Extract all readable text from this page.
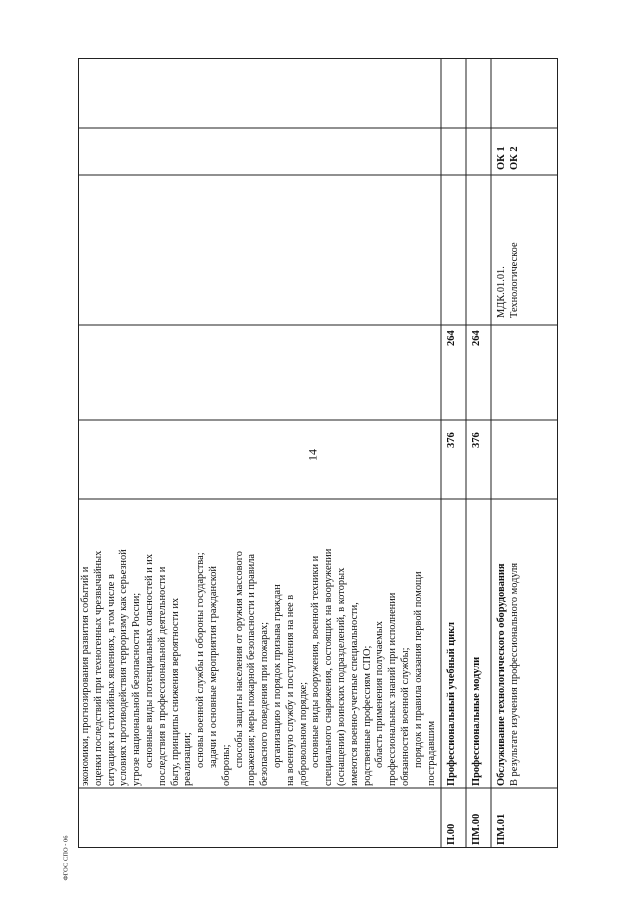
14
ФГОС СПО - 06

экономики, прогнозирования развития событий и оценки последствий при техногенных чрезвычайных ситуациях и стихийных явлениях, в том числе в условиях противодействия терроризму как серьезной угрозе национальной безопасности России; основные виды потенциальных опасностей и их последствия в профессиональной деятельности и быту, принципы снижения вероятности их реализации; основы военной службы и обороны государства; задачи и основные мероприятия гражданской обороны; способы защиты населения от оружия массового поражения; меры пожарной безопасности и правила безопасного поведения при пожарах; организацию и порядок призыва граждан на военную службу и поступления на нее в добровольном порядке; основные виды вооружения, военной техники и специального снаряжения, состоящих на вооружении (оснащении) воинских подразделений, в которых имеются военно-учетные специальности, родственные профессиям СПО; область применения получаемых профессиональных знаний при исполнении обязанностей военной службы; порядок и правила оказания первой помощи пострадавшим

П.00
Профессиональный учебный цикл
376
264
ПМ.00
Профессиональные модули
376
264
ПМ.01
Обслуживание технологического оборудования В результате изучения профессионального модуля
МДК.01.01. Технологическое
ОК 1 ОК 2
